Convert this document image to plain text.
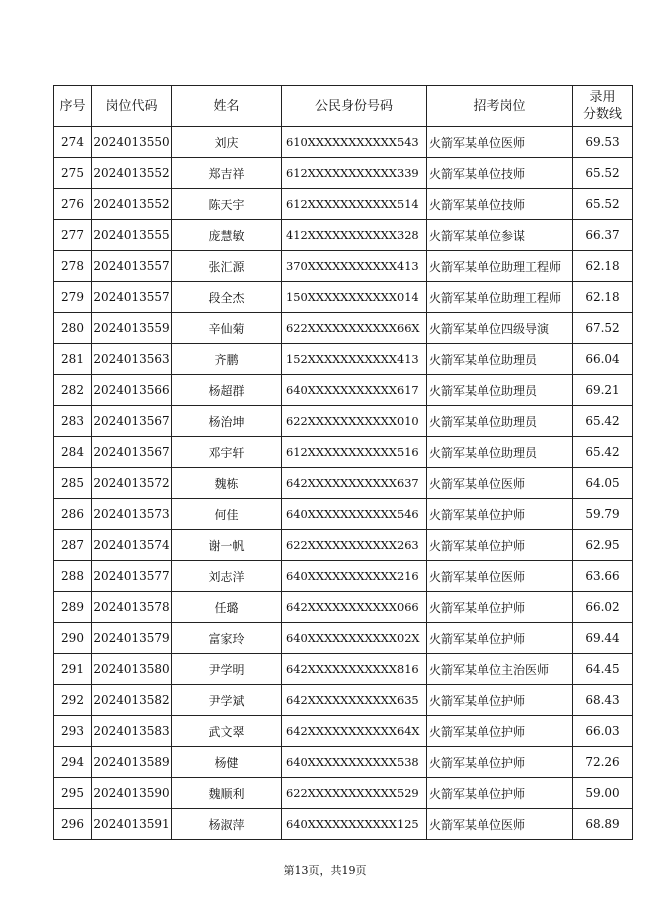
序号	岗位代码	姓名	公民身份号码	招考岗位	录用
分数线

274	2024013550	刘庆	610XXXXXXXXXXX543	火箭军某单位医师	69.53
275	2024013552	郑吉祥	612XXXXXXXXXXX339	火箭军某单位技师	65.52
276	2024013552	陈天宇	612XXXXXXXXXXX514	火箭军某单位技师	65.52
277	2024013555	庞慧敏	412XXXXXXXXXXX328	火箭军某单位参谋	66.37
278	2024013557	张汇源	370XXXXXXXXXXX413	火箭军某单位助理工程师	62.18
279	2024013557	段全杰	150XXXXXXXXXXX014	火箭军某单位助理工程师	62.18
280	2024013559	辛仙菊	622XXXXXXXXXXX66X	火箭军某单位四级导演	67.52
281	2024013563	齐鹏	152XXXXXXXXXXX413	火箭军某单位助理员	66.04
282	2024013566	杨超群	640XXXXXXXXXXX617	火箭军某单位助理员	69.21
283	2024013567	杨治坤	622XXXXXXXXXXX010	火箭军某单位助理员	65.42
284	2024013567	邓宇轩	612XXXXXXXXXXX516	火箭军某单位助理员	65.42
285	2024013572	魏栋	642XXXXXXXXXXX637	火箭军某单位医师	64.05
286	2024013573	何佳	640XXXXXXXXXXX546	火箭军某单位护师	59.79
287	2024013574	谢一帆	622XXXXXXXXXXX263	火箭军某单位护师	62.95
288	2024013577	刘志洋	640XXXXXXXXXXX216	火箭军某单位医师	63.66
289	2024013578	任璐	642XXXXXXXXXXX066	火箭军某单位护师	66.02
290	2024013579	富家玲	640XXXXXXXXXXX02X	火箭军某单位护师	69.44
291	2024013580	尹学明	642XXXXXXXXXXX816	火箭军某单位主治医师	64.45
292	2024013582	尹学斌	642XXXXXXXXXXX635	火箭军某单位护师	68.43
293	2024013583	武文翠	642XXXXXXXXXXX64X	火箭军某单位护师	66.03
294	2024013589	杨健	640XXXXXXXXXXX538	火箭军某单位护师	72.26
295	2024013590	魏顺利	622XXXXXXXXXXX529	火箭军某单位护师	59.00
296	2024013591	杨淑萍	640XXXXXXXXXXX125	火箭军某单位医师	68.89
第13页，共19页
